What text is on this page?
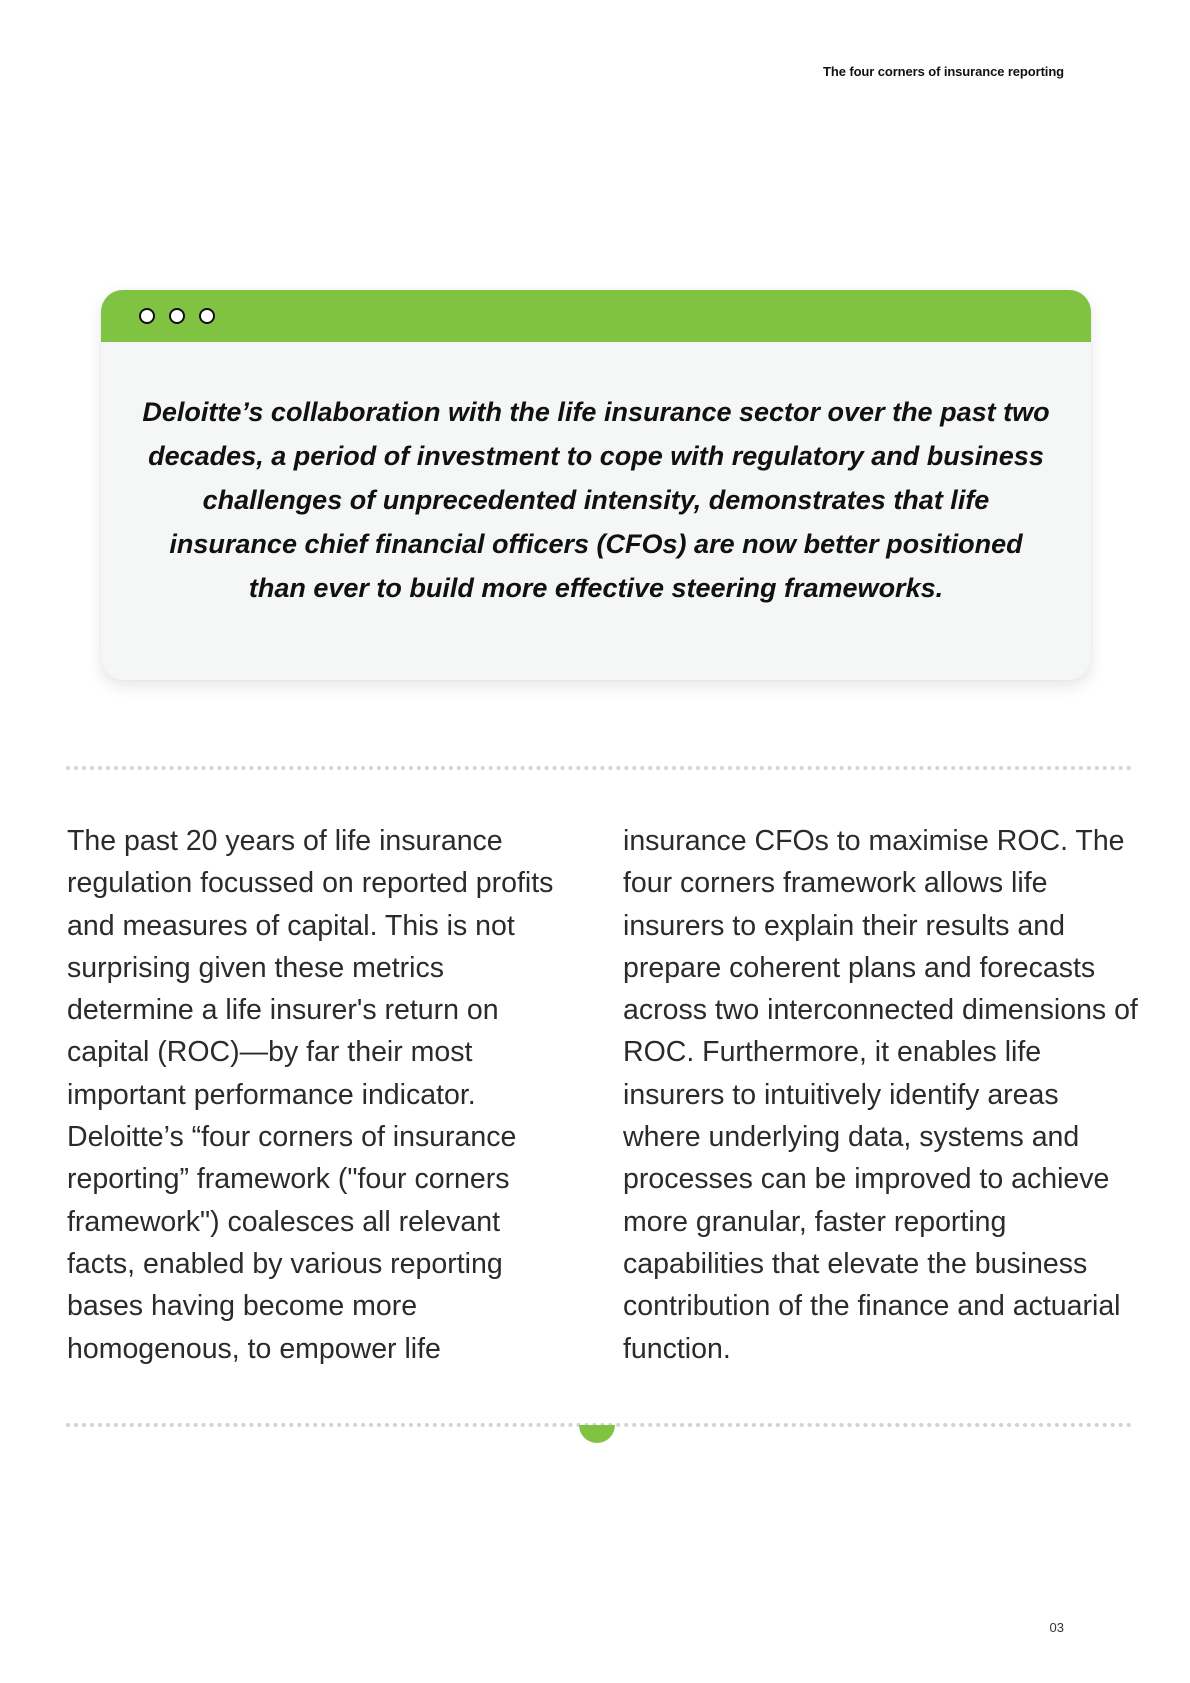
The four corners of insurance reporting

Deloitte’s collaboration with the life insurance sector over the past two decades, a period of investment to cope with regulatory and business challenges of unprecedented intensity, demonstrates that life insurance chief financial officers (CFOs) are now better positioned than ever to build more effective steering frameworks.

The past 20 years of life insurance regulation focussed on reported profits and measures of capital. This is not surprising given these metrics determine a life insurer's return on capital (ROC)—by far their most important performance indicator. Deloitte’s “four corners of insurance reporting” framework ("four corners framework") coalesces all relevant facts, enabled by various reporting bases having become more homogenous, to empower life

insurance CFOs to maximise ROC. The four corners framework allows life insurers to explain their results and prepare coherent plans and forecasts across two interconnected dimensions of ROC. Furthermore, it enables life insurers to intuitively identify areas where underlying data, systems and processes can be improved to achieve more granular, faster reporting capabilities that elevate the business contribution of the finance and actuarial function.

03
